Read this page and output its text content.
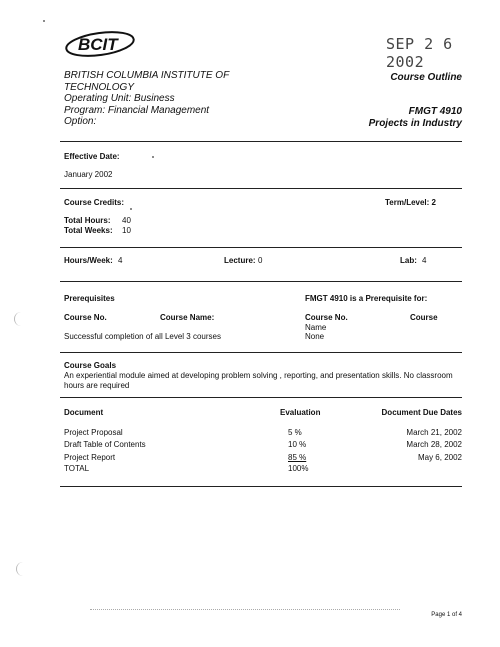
BCIT	SEP 2 6 2002
BRITISH COLUMBIA INSTITUTE OF
TECHNOLOGY
Operating Unit: Business
Program: Financial Management
Option:
Course Outline
FMGT 4910
Projects in Industry
Effective Date:
January 2002
Course Credits:	Term/Level: 2
Total Hours: 40
Total Weeks: 10
Hours/Week: 4	Lecture: 0	Lab: 4
Prerequisites	FMGT 4910 is a Prerequisite for:
Course No.	Course Name:	Course No.	Course
Name
Successful completion of all Level 3 courses	None
Course Goals
An experiential module aimed at developing problem solving , reporting, and presentation skills. No classroom
hours are required
Document	Evaluation	Document Due Dates
Project Proposal	5 %	March 21, 2002
Draft Table of Contents	10 %	March 28, 2002
Project Report	85 %	May 6, 2002
TOTAL	100%
Page 1 of 4
